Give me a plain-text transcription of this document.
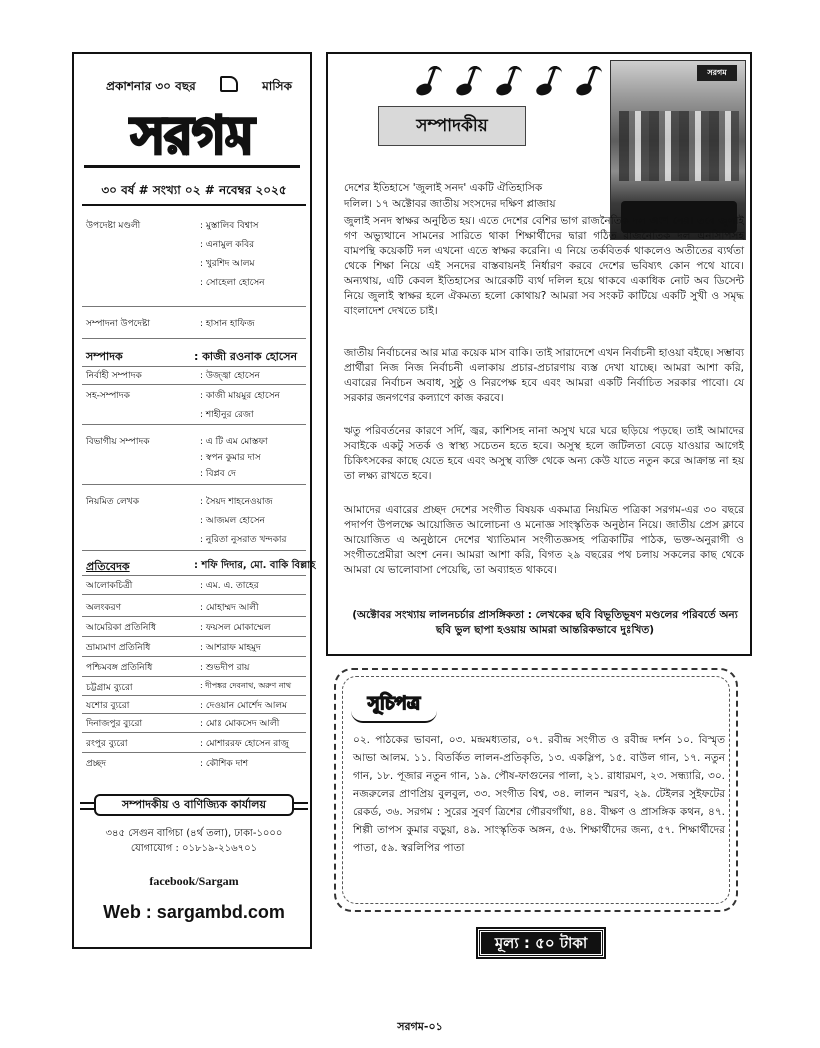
প্রকাশনার ৩০ বছর	মাসিক
সরগম
৩০ বর্ষ # সংখ্যা ০২ # নবেম্বর ২০২৫
উপদেষ্টা মণ্ডলী	: মুস্তালিব বিশ্বাস
: এনামুল কবির
: খুরশিদ আলম
: সোহেলা হোসেন
সম্পাদনা উপদেষ্টা	: হাসান হাফিজ
সম্পাদক	: কাজী রওনাক হোসেন
নির্বাহী সম্পাদক	: উজ্জ্বা হোসেন
সহ-সম্পাদক	: কাজী মায়মুর হোসেন
: শাহীনুর রেজা
বিভাগীয় সম্পাদক	: এ টি এম মোস্তফা
: স্বপন কুমার দাস
: বিপ্লব দে
নিয়মিত লেখক	: সৈয়দ শাহনেওয়াজ
: আজমল হোসেন
: নুরিতা নুসরাত খন্দকার
প্রতিবেদক	: শফি দিদার, মো. বাকি বিল্লাহ
আলোকচিত্রী	: এম. এ. তাহের
অলংকরণ	: মোহাম্মদ আলী
আমেরিকা প্রতিনিধি	: ফয়সল মোকাম্মেল
ভ্রাম্যমাণ প্রতিনিধি	: আশরাফ মাহমুদ
পশ্চিমবঙ্গ প্রতিনিধি	: শুভদীপ রায়
চট্টগ্রাম ব্যুরো	: দীপঙ্কর দেবনাথ, অরুণ নাথ
যশোর ব্যুরো	: দেওয়ান মোর্শেদ আলম
দিনাজপুর ব্যুরো	: মোঃ মোকসেদ আলী
রংপুর ব্যুরো	: মোশাররফ হোসেন রাজু
প্রচ্ছদ	: কৌশিক দাশ
সম্পাদকীয় ও বাণিজ্যিক কার্যালয়
৩৪৫ সেগুন বাগিচা (৪র্থ তলা), ঢাকা-১০০০
যোগাযোগ : ০১৮১৯-২১৬৭০১
facebook/Sargam
Web : sargambd.com
সরগম
সম্পাদকীয়
দেশের ইতিহাসে 'জুলাই সনদ' একটি ঐতিহাসিক
দলিল। ১৭ অক্টোবর জাতীয় সংসদের দক্ষিণ প্লাজায়
জুলাই সনদ স্বাক্ষর অনুষ্ঠিত হয়। এতে দেশের বেশির ভাগ রাজনৈতিক দল অংশ নেয়। তবে জুলাই গণ অভ্যুত্থানে সামনের সারিতে থাকা শিক্ষার্থীদের দ্বারা গঠিত রাজনৈতিক দল এনসিপিসহ বামপন্থি কয়েকটি দল এখনো এতে স্বাক্ষর করেনি। এ নিয়ে তর্কবিতর্ক থাকলেও অতীতের ব্যর্থতা থেকে শিক্ষা নিয়ে এই সনদের বাস্তবায়নই নির্ধারণ করবে দেশের ভবিষ্যৎ কোন পথে যাবে। অন্যথায়, এটি কেবল ইতিহাসের আরেকটি ব্যর্থ দলিল হয়ে থাকবে একাধিক নোট অব ডিসেন্ট নিয়ে জুলাই স্বাক্ষর হলে ঐকমত্য হলো কোথায়? আমরা সব সংকট কাটিয়ে একটি সুখী ও সমৃদ্ধ বাংলাদেশ দেখতে চাই।
জাতীয় নির্বাচনের আর মাত্র কয়েক মাস বাকি। তাই সারাদেশে এখন নির্বাচনী হাওয়া বইছে। সম্ভাব্য প্রার্থীরা নিজ নিজ নির্বাচনী এলাকায় প্রচার-প্রচারণায় ব্যস্ত দেখা যাচ্ছে। আমরা আশা করি, এবারের নির্বাচন অবাধ, সুষ্ঠু ও নিরপেক্ষ হবে এবং আমরা একটি নির্বাচিত সরকার পাবো। যে সরকার জনগণের কল্যাণে কাজ করবে।
ঋতু পরিবর্তনের কারণে সর্দি, জ্বর, কাশিসহ নানা অসুখ ঘরে ঘরে ছড়িয়ে পড়ছে। তাই আমাদের সবাইকে একটু সতর্ক ও স্বাস্থ্য সচেতন হতে হবে। অসুস্থ হলে জটিলতা বেড়ে যাওয়ার আগেই চিকিৎসকের কাছে যেতে হবে এবং অসুস্থ ব্যক্তি থেকে অন্য কেউ যাতে নতুন করে আক্রান্ত না হয় তা লক্ষ্য রাখতে হবে।
আমাদের এবারের প্রচ্ছদ দেশের সংগীত বিষয়ক একমাত্র নিয়মিত পত্রিকা সরগম-এর ৩০ বছরে পদার্পণ উপলক্ষে আয়োজিত আলোচনা ও মনোজ্ঞ সাংস্কৃতিক অনুষ্ঠান নিয়ে। জাতীয় প্রেস ক্লাবে আয়োজিত এ অনুষ্ঠানে দেশের খ্যাতিমান সংগীতজ্ঞসহ পত্রিকাটির পাঠক, ভক্ত-অনুরাগী ও সংগীতপ্রেমীরা অংশ নেন। আমরা আশা করি, বিগত ২৯ বছরের পথ চলায় সকলের কাছ থেকে আমরা যে ভালোবাসা পেয়েছি, তা অব্যাহত থাকবে।
(অক্টোবর সংখ্যায় লালনচর্চার প্রাসঙ্গিকতা : লেখকের ছবি বিভূতিভূষণ মণ্ডলের পরিবর্তে অন্য ছবি ভুল ছাপা হওয়ায় আমরা আন্তরিকভাবে দুঃখিত)
সূচিপত্র
০২. পাঠকের ভাবনা, ০৩. মন্দ্রমধ্যতার, ০৭. রবীন্দ্র সংগীত ও রবীন্দ্র দর্শন ১০. বিস্মৃত আভা আলম. ১১. বিতর্কিত লালন-প্রতিকৃতি, ১৩. একস্লিপ, ১৫. বাউল গান, ১৭. নতুন গান, ১৮. পূজার নতুন গান, ১৯. পৌষ-ফাগুনের পালা, ২১. রাধারমণ, ২৩. সন্ধ্যারি, ৩০. নজরুলের প্রাণপ্রিয় বুলবুল, ৩৩. সংগীত বিশ্ব, ৩৪. লালন স্মরণ, ২৯. টেইলর সুইফটের রেকর্ড, ৩৬. সরগম : সুরের সুবর্ণ ত্রিশের গৌরবগাঁথা, ৪৪. বীক্ষণ ও প্রাসঙ্গিক কথন, ৪৭. শিল্পী তাপস কুমার বড়ুয়া, ৪৯. সাংস্কৃতিক অঙ্গন, ৫৬. শিক্ষার্থীদের জন্য, ৫৭. শিক্ষার্থীদের পাতা, ৫৯. স্বরলিপির পাতা
মূল্য : ৫০ টাকা
সরগম-০১
